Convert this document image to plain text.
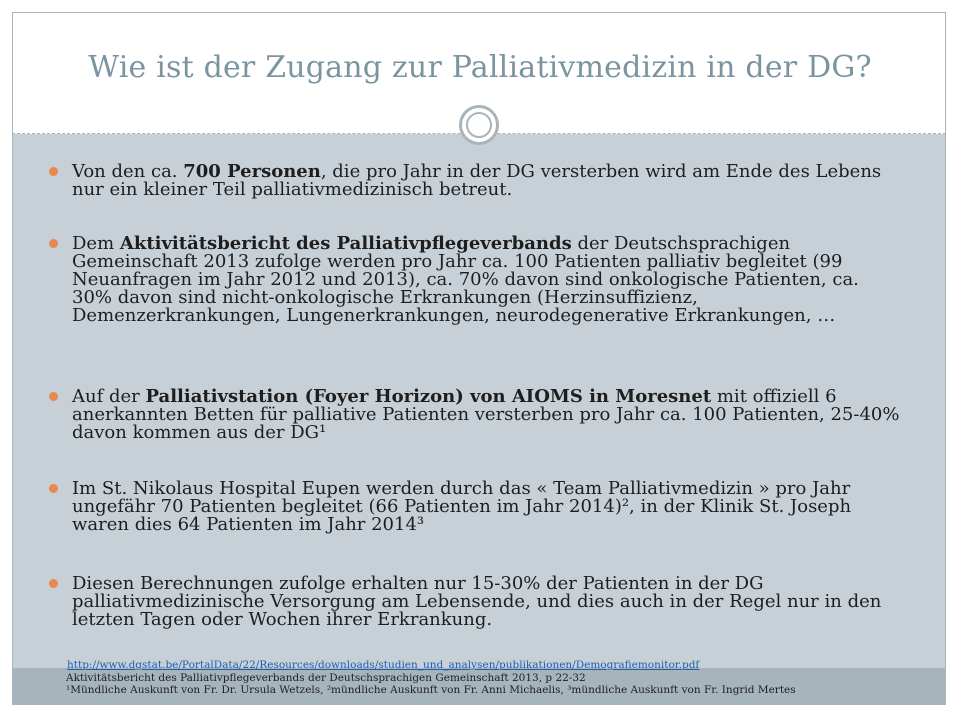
Wie ist der Zugang zur Palliativmedizin in der DG?
Von den ca. 700 Personen, die pro Jahr in der DG versterben wird am Ende des Lebens nur ein kleiner Teil palliativmedizinisch betreut.
Dem Aktivitätsbericht des Palliativpflegeverbands der Deutschsprachigen Gemeinschaft 2013 zufolge werden pro Jahr ca. 100 Patienten palliativ begleitet (99 Neuanfragen im Jahr 2012 und 2013), ca. 70% davon sind onkologische Patienten, ca. 30% davon sind nicht-onkologische Erkrankungen (Herzinsuffizienz, Demenzerkrankungen, Lungenerkrankungen, neurodegenerative Erkrankungen, …
Auf der Palliativstation (Foyer Horizon) von AIOMS in Moresnet mit offiziell 6 anerkannten Betten für palliative Patienten versterben pro Jahr ca. 100 Patienten, 25-40% davon kommen aus der DG¹
Im St. Nikolaus Hospital Eupen werden durch das « Team Palliativmedizin » pro Jahr ungefähr 70 Patienten begleitet (66 Patienten im Jahr 2014)², in der Klinik St. Joseph waren dies 64 Patienten im Jahr 2014³
Diesen Berechnungen zufolge erhalten nur 15-30% der Patienten in der DG palliativmedizinische Versorgung am Lebensende, und dies auch in der Regel nur in den letzten Tagen oder Wochen ihrer Erkrankung.
http://www.dgstat.be/PortalData/22/Resources/downloads/studien_und_analysen/publikationen/Demografiemonitor.pdf
Aktivitätsbericht des Palliativpflegeverbands der Deutschsprachigen Gemeinschaft 2013, p 22-32
¹Mündliche Auskunft von Fr. Dr. Ursula Wetzels, ²mündliche Auskunft von Fr. Anni Michaelis, ³mündliche Auskunft von Fr. Ingrid Mertes
